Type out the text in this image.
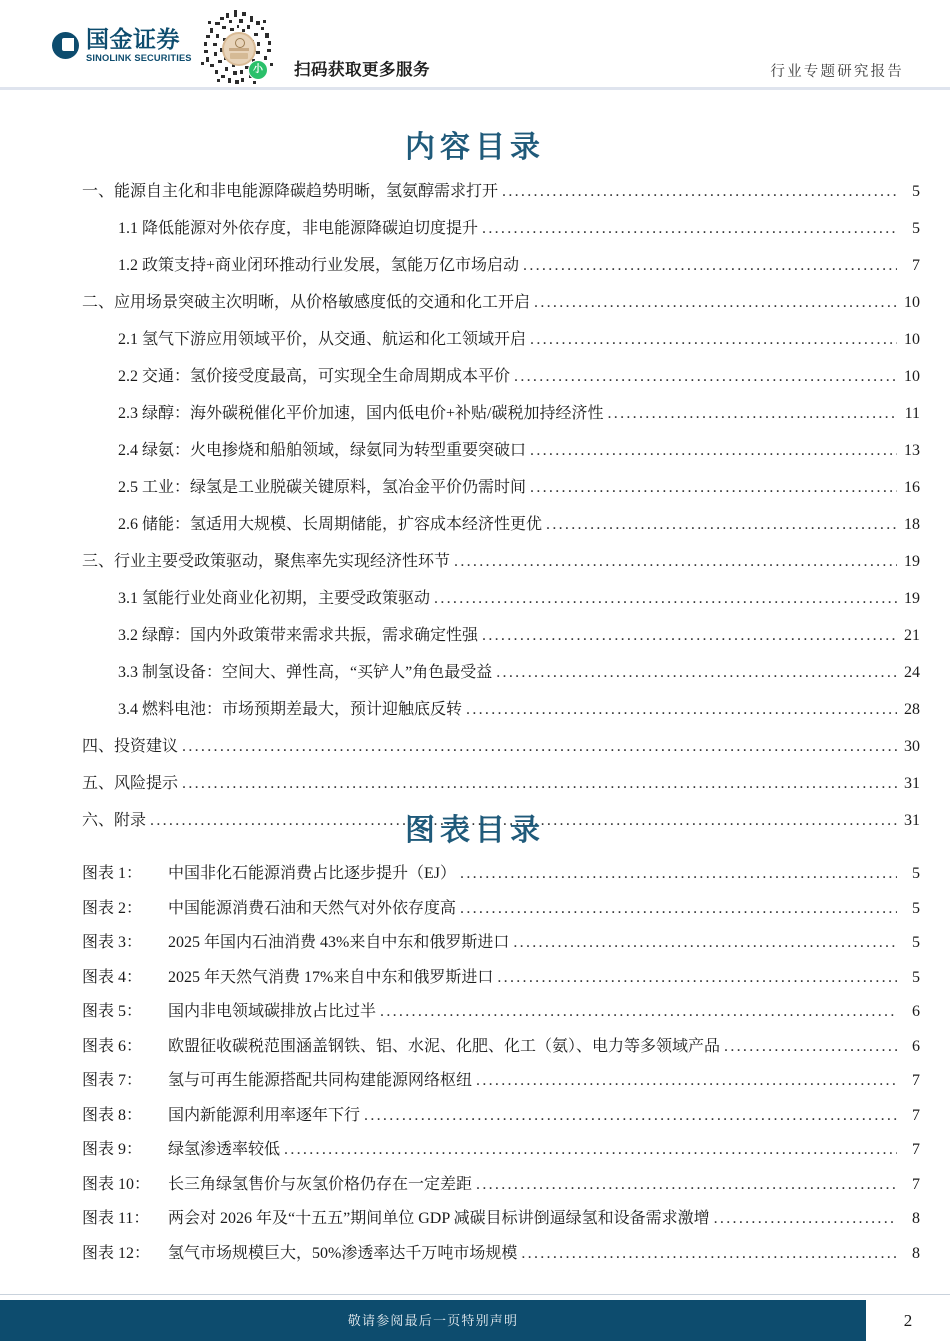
国金证券
SINOLINK SECURITIES
小	扫码获取更多服务	行业专题研究报告
内容目录
一、能源自主化和非电能源降碳趋势明晰，氢氨醇需求打开 .....	5
1.1 降低能源对外依存度，非电能源降碳迫切度提升 .....	5
1.2 政策支持+商业闭环推动行业发展，氢能万亿市场启动 .....	7
二、应用场景突破主次明晰，从价格敏感度低的交通和化工开启 .....	10
2.1 氢气下游应用领域平价，从交通、航运和化工领域开启 .....	10
2.2 交通：氢价接受度最高，可实现全生命周期成本平价 .....	10
2.3 绿醇：海外碳税催化平价加速，国内低电价+补贴/碳税加持经济性 .....	11
2.4 绿氨：火电掺烧和船舶领域，绿氨同为转型重要突破口 .....	13
2.5 工业：绿氢是工业脱碳关键原料，氢冶金平价仍需时间 .....	16
2.6 储能：氢适用大规模、长周期储能，扩容成本经济性更优 .....	18
三、行业主要受政策驱动，聚焦率先实现经济性环节 .....	19
3.1 氢能行业处商业化初期，主要受政策驱动 .....	19
3.2 绿醇：国内外政策带来需求共振，需求确定性强 .....	21
3.3 制氢设备：空间大、弹性高，“买铲人”角色最受益 .....	24
3.4 燃料电池：市场预期差最大，预计迎触底反转 .....	28
四、投资建议 .....	30
五、风险提示 .....	31
六、附录 .....	31
图表目录
图表 1：	中国非化石能源消费占比逐步提升（EJ） .....	5
图表 2：	中国能源消费石油和天然气对外依存度高 .....	5
图表 3：	2025 年国内石油消费 43%来自中东和俄罗斯进口 .....	5
图表 4：	2025 年天然气消费 17%来自中东和俄罗斯进口 .....	5
图表 5：	国内非电领域碳排放占比过半 .....	6
图表 6：	欧盟征收碳税范围涵盖钢铁、铝、水泥、化肥、化工（氨）、电力等多领域产品 .....	6
图表 7：	氢与可再生能源搭配共同构建能源网络枢纽 .....	7
图表 8：	国内新能源利用率逐年下行 .....	7
图表 9：	绿氢渗透率较低 .....	7
图表 10：	长三角绿氢售价与灰氢价格仍存在一定差距 .....	7
图表 11：	两会对 2026 年及“十五五”期间单位 GDP 减碳目标讲倒逼绿氢和设备需求激增 .....	8
图表 12：	氢气市场规模巨大，50%渗透率达千万吨市场规模 .....	8
敬请参阅最后一页特别声明	2
